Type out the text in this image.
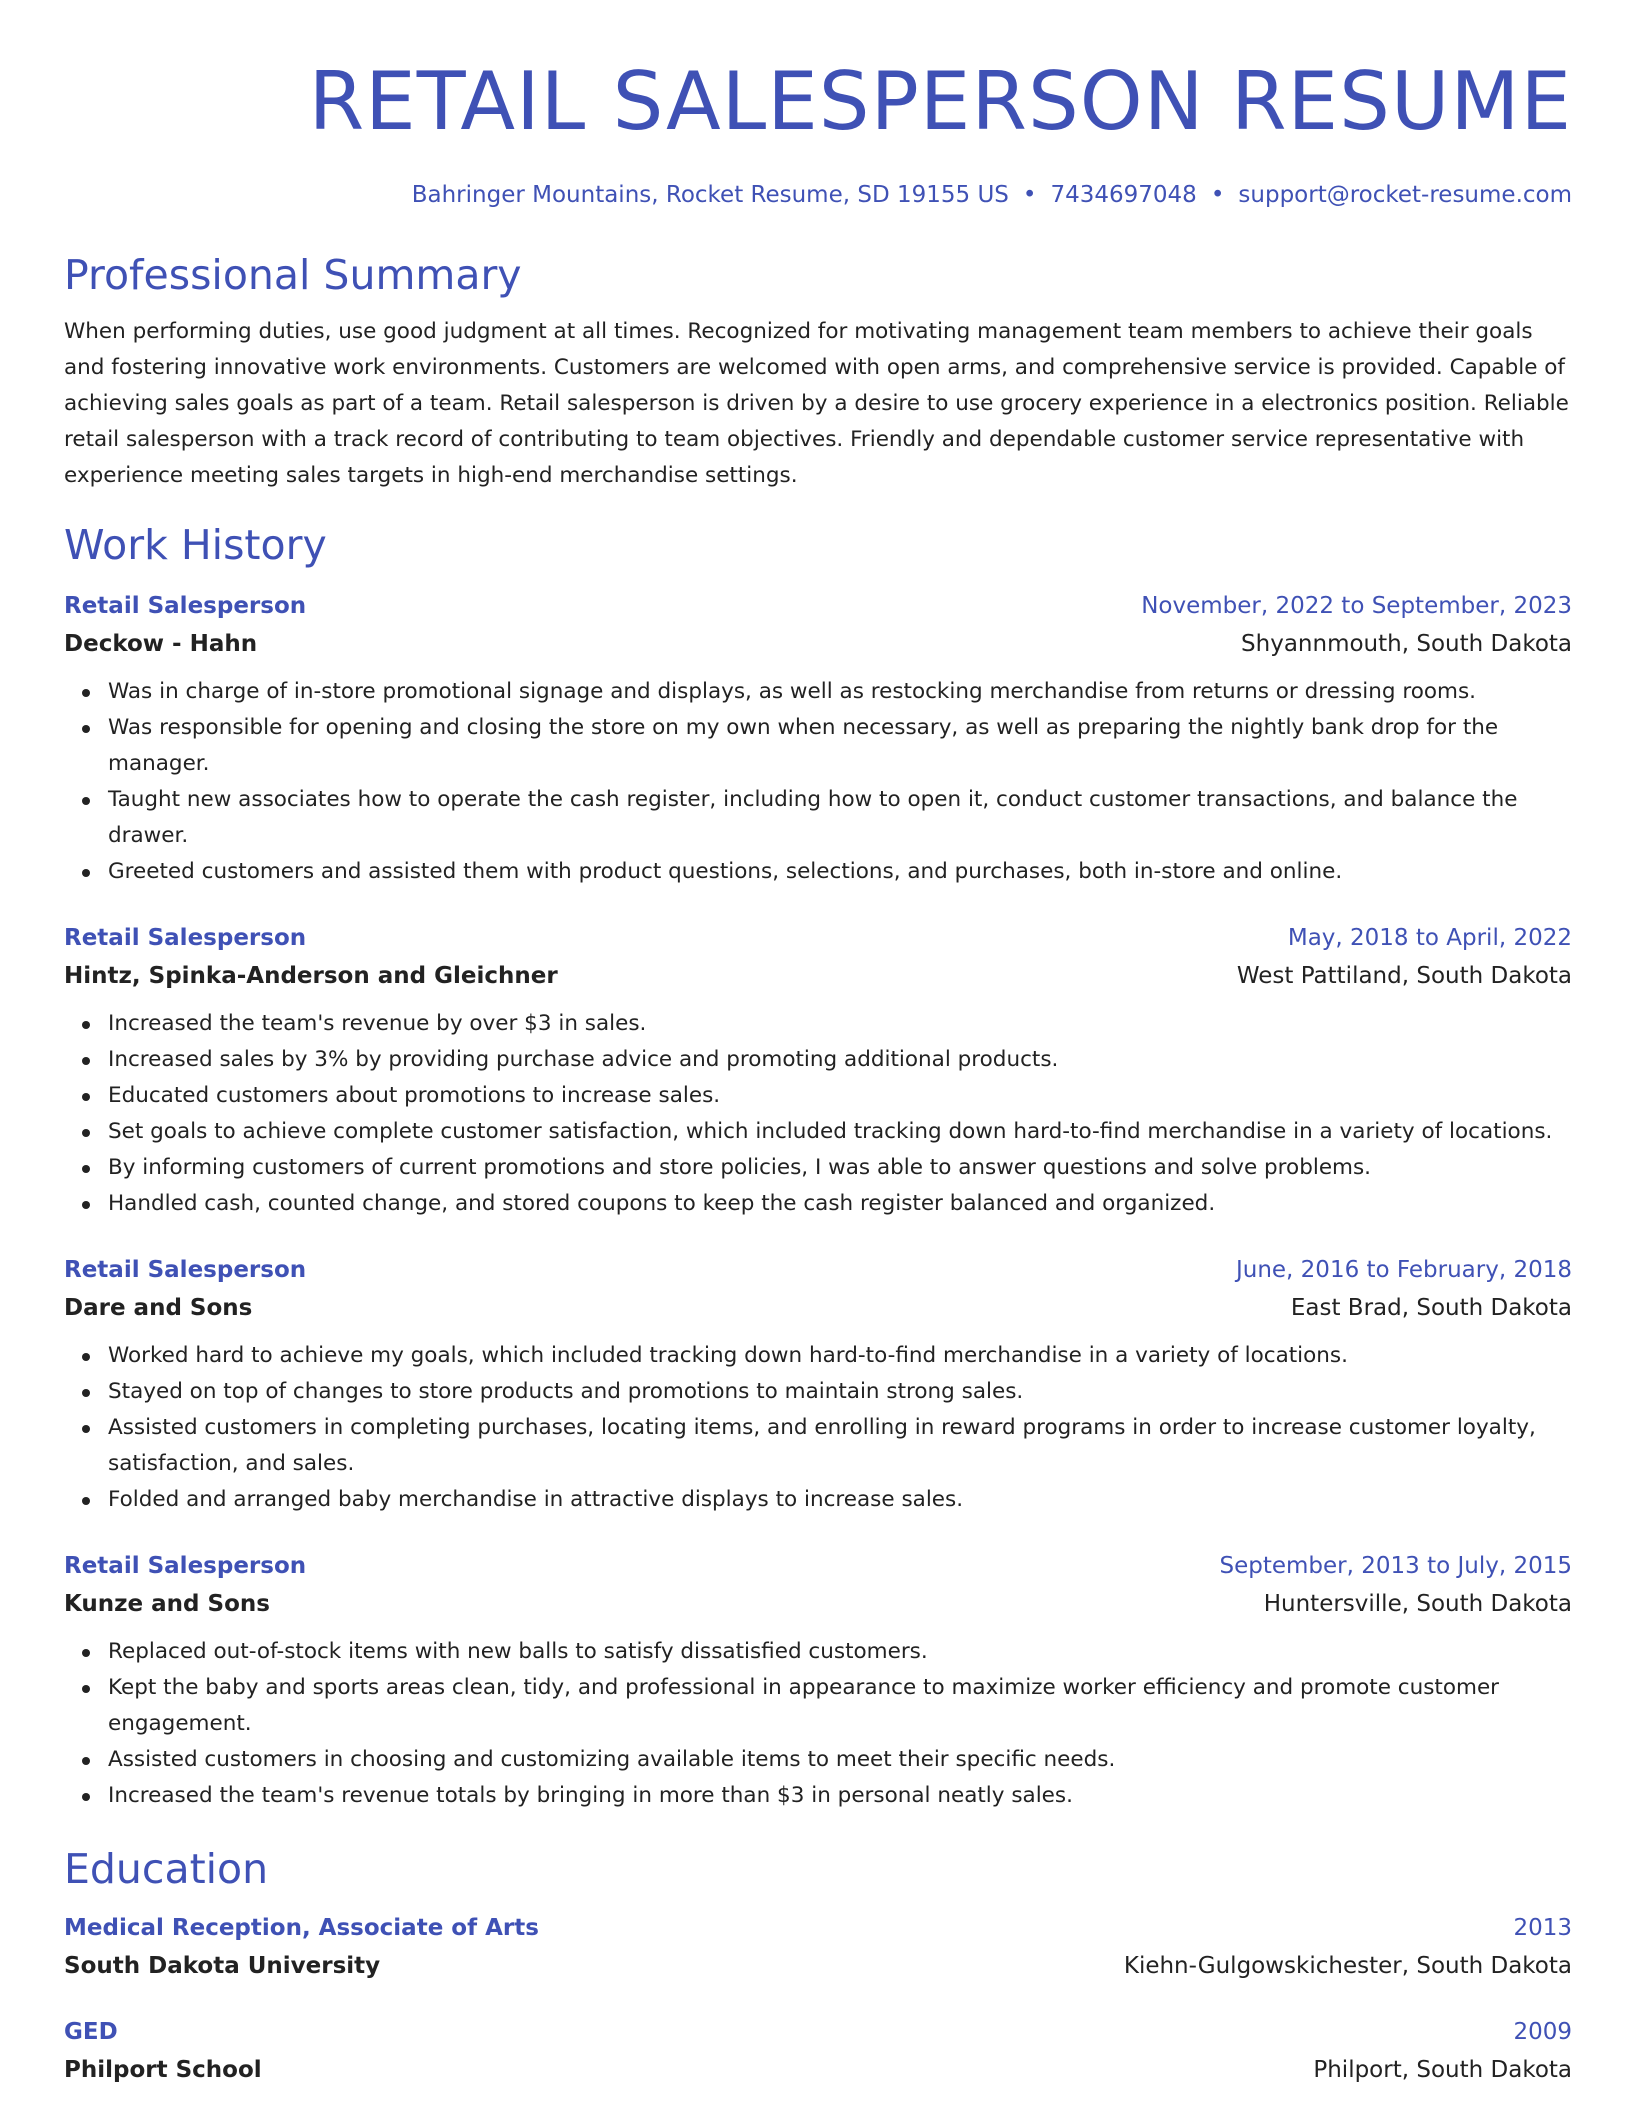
RETAIL SALESPERSON RESUME
Bahringer Mountains, Rocket Resume, SD 19155 US • 7434697048 • support@rocket-resume.com
Professional Summary

When performing duties, use good judgment at all times. Recognized for motivating management team members to achieve their goals and fostering innovative work environments. Customers are welcomed with open arms, and comprehensive service is provided. Capable of achieving sales goals as part of a team. Retail salesperson is driven by a desire to use grocery experience in a electronics position. Reliable retail salesperson with a track record of contributing to team objectives. Friendly and dependable customer service representative with experience meeting sales targets in high-end merchandise settings.

Work History
Retail Salesperson	November, 2022 to September, 2023
Deckow - Hahn	Shyannmouth, South Dakota
Was in charge of in-store promotional signage and displays, as well as restocking merchandise from returns or dressing rooms.
Was responsible for opening and closing the store on my own when necessary, as well as preparing the nightly bank drop for the manager.
Taught new associates how to operate the cash register, including how to open it, conduct customer transactions, and balance the drawer.
Greeted customers and assisted them with product questions, selections, and purchases, both in-store and online.
Retail Salesperson	May, 2018 to April, 2022
Hintz, Spinka-Anderson and Gleichner	West Pattiland, South Dakota
Increased the team's revenue by over $3 in sales.
Increased sales by 3% by providing purchase advice and promoting additional products.
Educated customers about promotions to increase sales.
Set goals to achieve complete customer satisfaction, which included tracking down hard-to-find merchandise in a variety of locations.
By informing customers of current promotions and store policies, I was able to answer questions and solve problems.
Handled cash, counted change, and stored coupons to keep the cash register balanced and organized.
Retail Salesperson	June, 2016 to February, 2018
Dare and Sons	East Brad, South Dakota
Worked hard to achieve my goals, which included tracking down hard-to-find merchandise in a variety of locations.
Stayed on top of changes to store products and promotions to maintain strong sales.
Assisted customers in completing purchases, locating items, and enrolling in reward programs in order to increase customer loyalty, satisfaction, and sales.
Folded and arranged baby merchandise in attractive displays to increase sales.
Retail Salesperson	September, 2013 to July, 2015
Kunze and Sons	Huntersville, South Dakota
Replaced out-of-stock items with new balls to satisfy dissatisfied customers.
Kept the baby and sports areas clean, tidy, and professional in appearance to maximize worker efficiency and promote customer engagement.
Assisted customers in choosing and customizing available items to meet their specific needs.
Increased the team's revenue totals by bringing in more than $3 in personal neatly sales.
Education
Medical Reception, Associate of Arts	2013
South Dakota University	Kiehn-Gulgowskichester, South Dakota
GED	2009
Philport School	Philport, South Dakota
